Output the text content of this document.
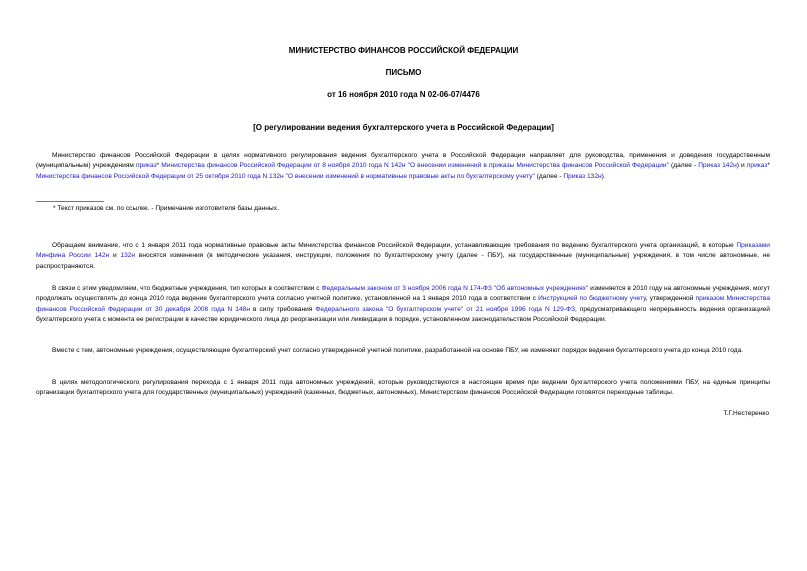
МИНИСТЕРСТВО ФИНАНСОВ РОССИЙСКОЙ ФЕДЕРАЦИИ
ПИСЬМО
от 16 ноября 2010 года N 02-06-07/4476
[О регулировании ведения бухгалтерского учета в Российской Федерации]

Министерство финансов Российской Федерации в целях нормативного регулирования ведения бухгалтерского учета в Российской Федерации направляет для руководства, применения и доведения государственным (муниципальным) учреждениям приказ* Министерства финансов Российской Федерации от 8 ноября 2010 года N 142н "О внесении изменений в приказы Министерства финансов Российской Федерации" (далее - Приказ 142н) и приказ* Министерства финансов Российской Федерации от 25 октября 2010 года N 132н "О внесении изменений в нормативные правовые акты по бухгалтерскому учету" (далее - Приказ 132н).

* Текст приказов см. по ссылке. - Примечание изготовителя базы данных.

Обращаем внимание, что с 1 января 2011 года нормативные правовые акты Министерства финансов Российской Федерации, устанавливающие требования по ведению бухгалтерского учета организаций, в которые Приказами Минфина России 142н и 132н вносятся изменения (в методические указания, инструкции, положения по бухгалтерскому учету (далее - ПБУ), на государственные (муниципальные) учреждения, в том числе автономные, не распространяются.

В связи с этим уведомляем, что бюджетные учреждения, тип которых в соответствии с Федеральным законом от 3 ноября 2006 года N 174-ФЗ "Об автономных учреждениях" изменяется в 2010 году на автономные учреждения, могут продолжать осуществлять до конца 2010 года ведение бухгалтерского учета согласно учетной политике, установленной на 1 января 2010 года в соответствии с Инструкцией по бюджетному учету, утвержденной приказом Министерства финансов Российской Федерации от 30 декабря 2008 года N 148н в силу требования Федерального закона "О бухгалтерском учете" от 21 ноября 1996 года N 129-ФЗ, предусматривающего непрерывность ведения организацией бухгалтерского учета с момента ее регистрации в качестве юридического лица до реорганизации или ликвидации в порядке, установленном законодательством Российской Федерации.

Вместе с тем, автономные учреждения, осуществляющие бухгалтерский учет согласно утвержденной учетной политике, разработанной на основе ПБУ, не изменяют порядок ведения бухгалтерского учета до конца 2010 года.

В целях методологического регулирования перехода с 1 января 2011 года автономных учреждений, которые руководствуются в настоящее время при ведении бухгалтерского учета положениями ПБУ, на единые принципы организации бухгалтерского учета для государственных (муниципальных) учреждений (казенных, бюджетных, автономных), Министерством финансов Российской Федерации готовятся переходные таблицы.

Т.Г.Нестеренко
